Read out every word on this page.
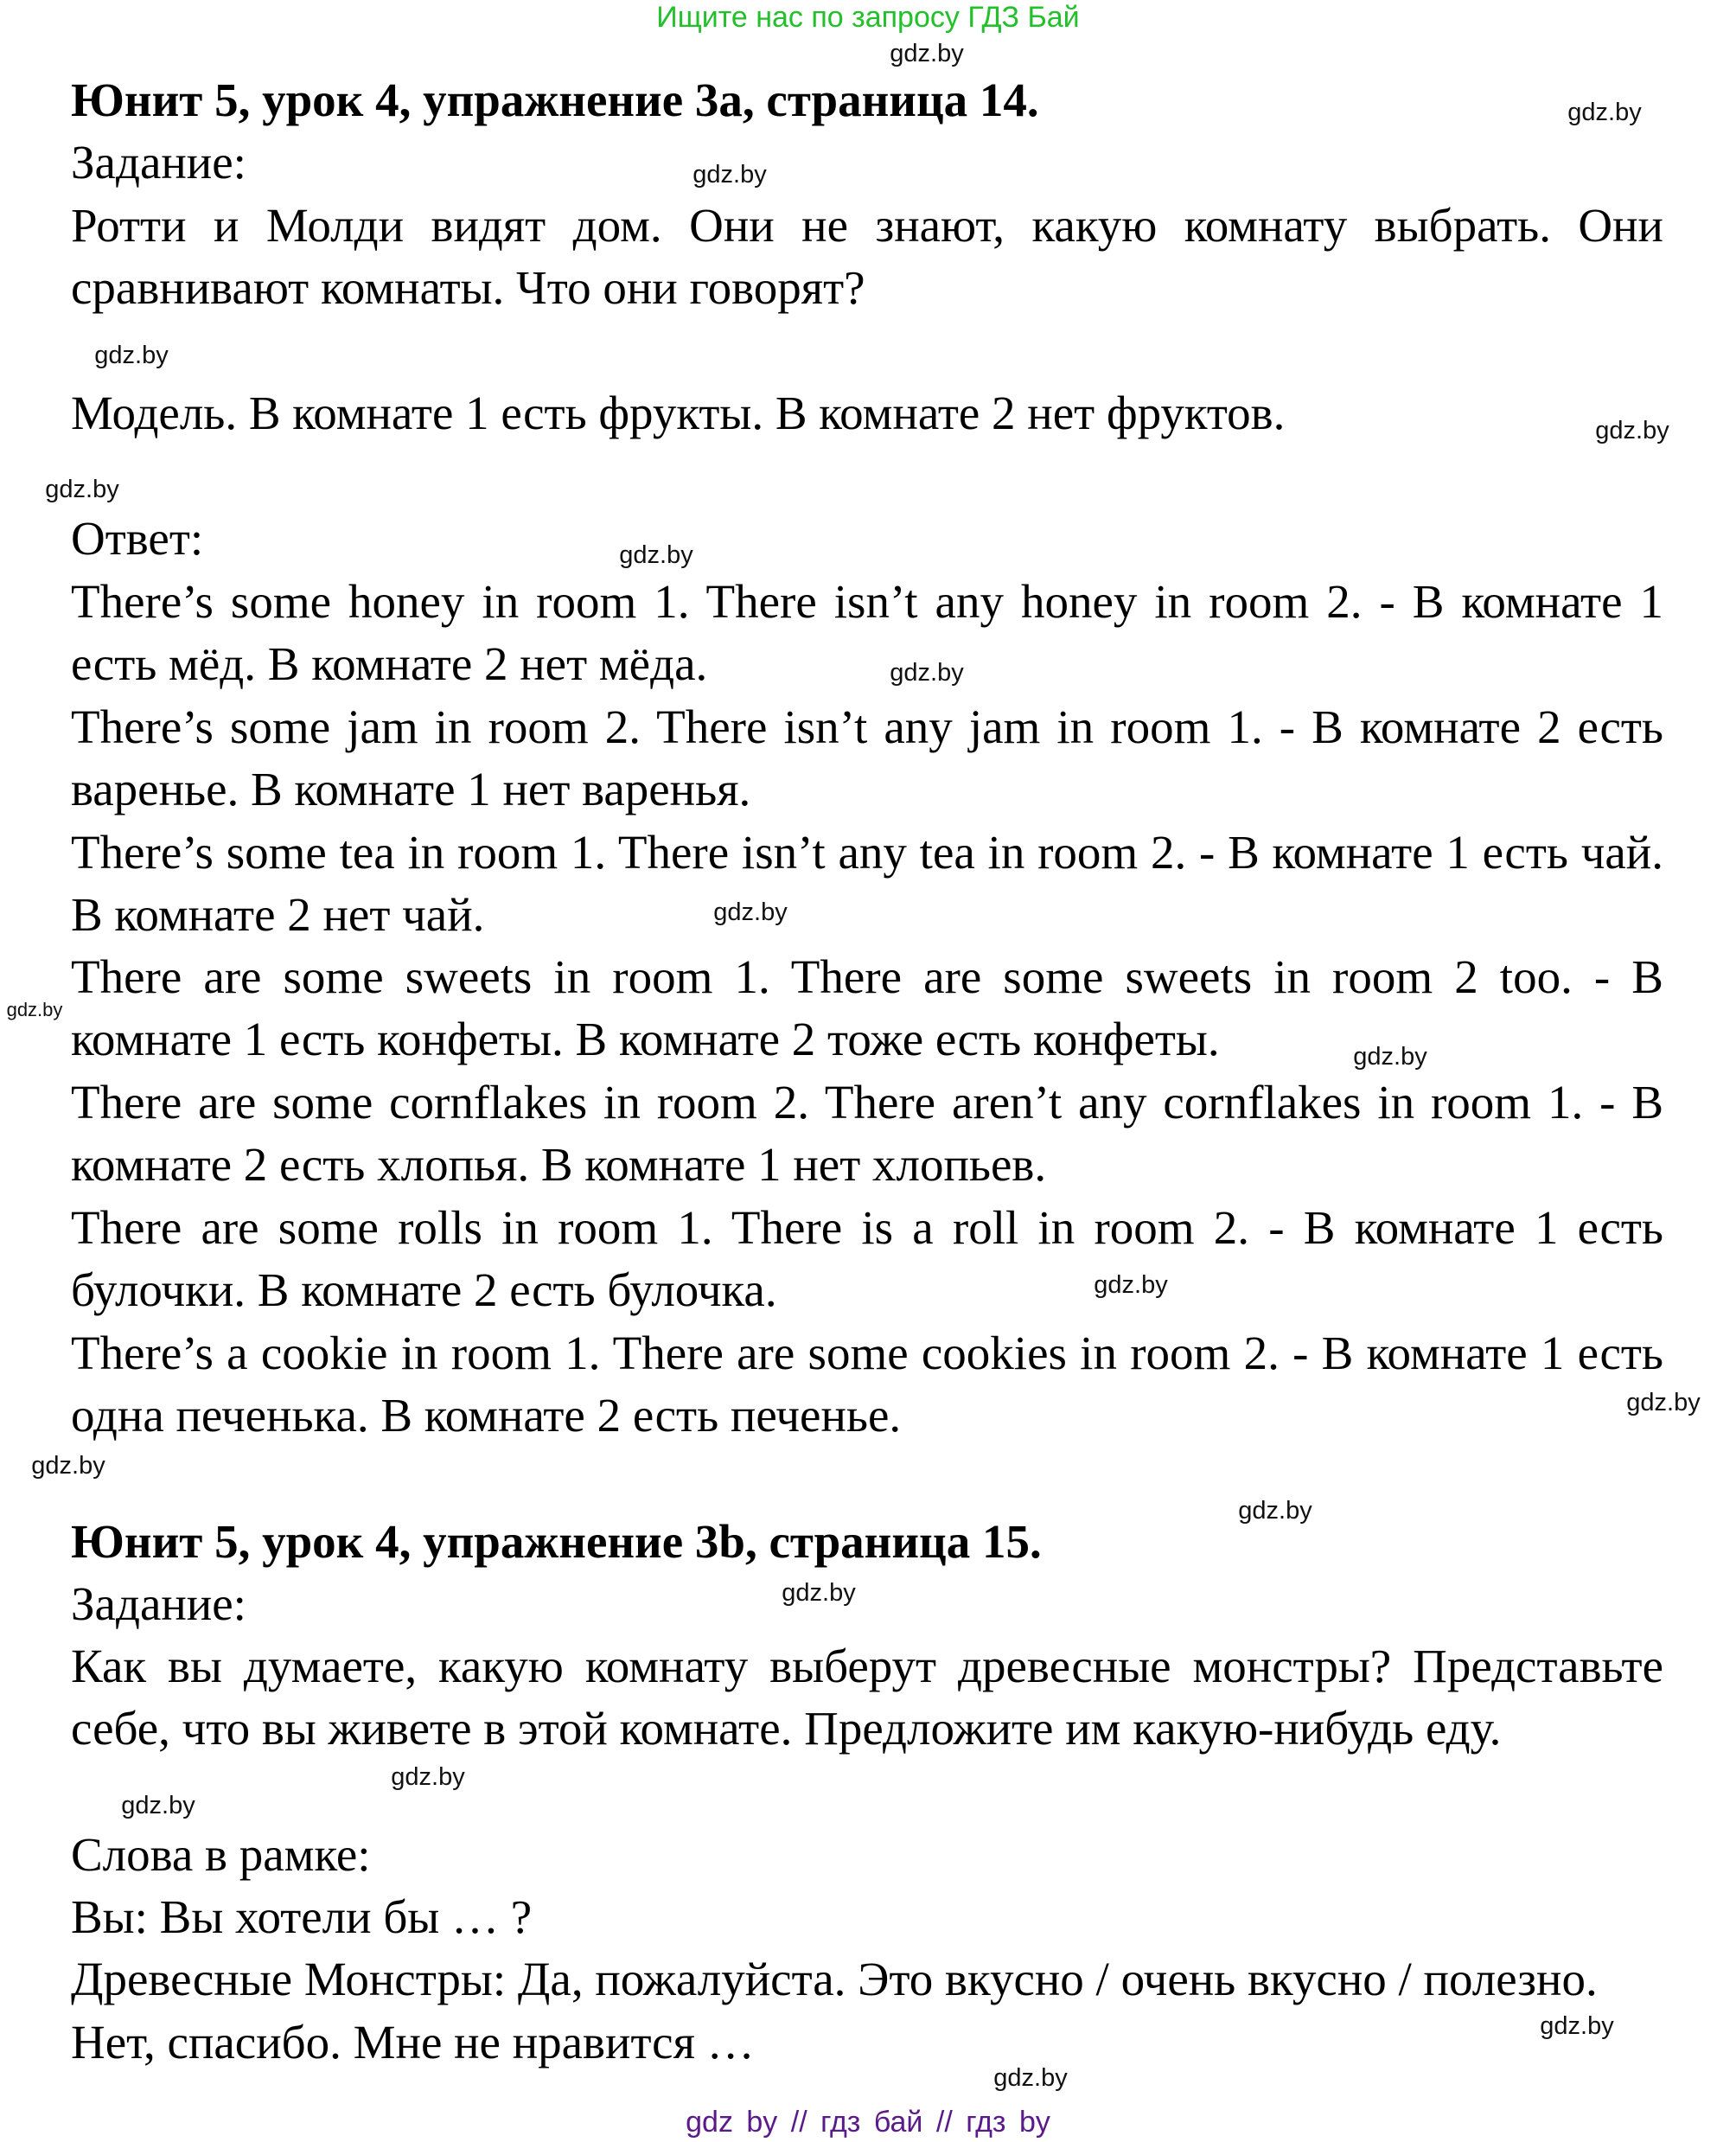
Ищите нас по запросу ГДЗ Бай
Юнит 5, урок 4, упражнение 3a, страница 14.
Задание:
Ротти и Молди видят дом. Они не знают, какую комнату выбрать. Они сравнивают комнаты. Что они говорят?
Модель. В комнате 1 есть фрукты. В комнате 2 нет фруктов.
Ответ:
There’s some honey in room 1. There isn’t any honey in room 2. - В комнате 1 есть мёд. В комнате 2 нет мёда.
There’s some jam in room 2. There isn’t any jam in room 1. - В комнате 2 есть варенье. В комнате 1 нет варенья.
There’s some tea in room 1. There isn’t any tea in room 2. - В комнате 1 есть чай. В комнате 2 нет чай.
There are some sweets in room 1. There are some sweets in room 2 too. - В комнате 1 есть конфеты. В комнате 2 тоже есть конфеты.
There are some cornflakes in room 2. There aren’t any cornflakes in room 1. - В комнате 2 есть хлопья. В комнате 1 нет хлопьев.
There are some rolls in room 1. There is a roll in room 2. - В комнате 1 есть булочки. В комнате 2 есть булочка.
There’s a cookie in room 1. There are some cookies in room 2. - В комнате 1 есть одна печенька. В комнате 2 есть печенье.
Юнит 5, урок 4, упражнение 3b, страница 15.
Задание:
Как вы думаете, какую комнату выберут древесные монстры? Представьте себе, что вы живете в этой комнате. Предложите им какую-нибудь еду.
Слова в рамке:
Вы: Вы хотели бы … ?
Древесные Монстры: Да, пожалуйста. Это вкусно / очень вкусно / полезно.
Нет, спасибо. Мне не нравится …
gdz.by
gdz.by
gdz.by
gdz.by
gdz.by
gdz.by
gdz.by
gdz.by
gdz.by
gdz.by
gdz.by
gdz.by
gdz.by
gdz.by
gdz.by
gdz.by
gdz.by
gdz.by
gdz.by
gdz.by
gdz by // гдз бай // гдз by
